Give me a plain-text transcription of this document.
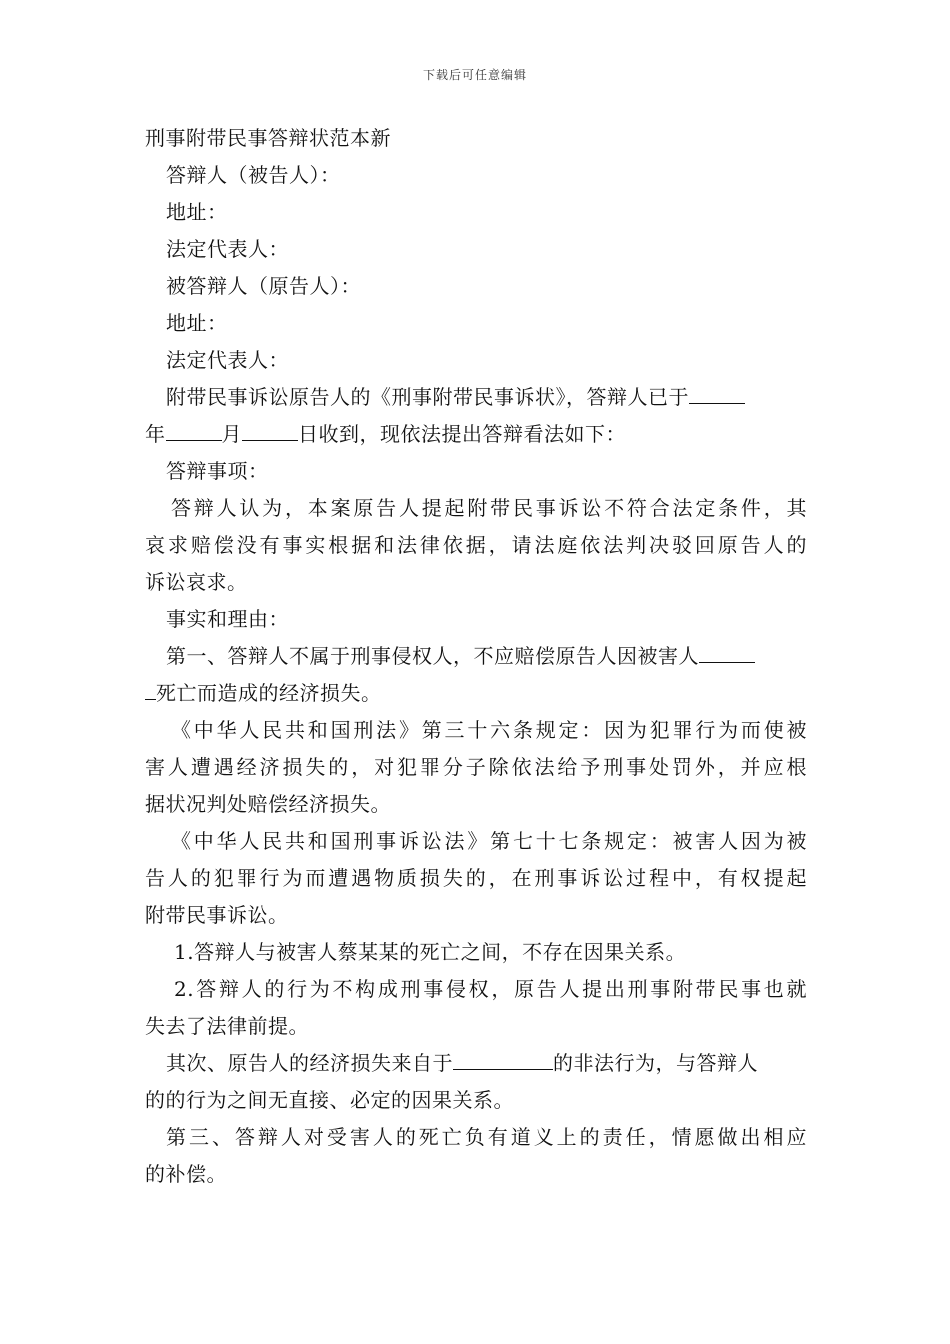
下载后可任意编辑
刑事附带民事答辩状范本新
答辩人（被告人）：
地址：
法定代表人：
被答辩人（原告人）：
地址：
法定代表人：
附带民事诉讼原告人的《刑事附带民事诉状》，答辩人已于
年	月	日收到，现依法提出答辩看法如下：
答辩事项：
答辩人认为，本案原告人提起附带民事诉讼不符合法定条件，其
哀求赔偿没有事实根据和法律依据，请法庭依法判决驳回原告人的
诉讼哀求。
事实和理由：
第一、答辩人不属于刑事侵权人，不应赔偿原告人因被害人
死亡而造成的经济损失。
《中华人民共和国刑法》第三十六条规定：因为犯罪行为而使被
害人遭遇经济损失的，对犯罪分子除依法给予刑事处罚外，并应根
据状况判处赔偿经济损失。
《中华人民共和国刑事诉讼法》第七十七条规定：被害人因为被
告人的犯罪行为而遭遇物质损失的，在刑事诉讼过程中，有权提起
附带民事诉讼。
1.答辩人与被害人蔡某某的死亡之间，不存在因果关系。
2.答辩人的行为不构成刑事侵权，原告人提出刑事附带民事也就
失去了法律前提。
其次、原告人的经济损失来自于	的非法行为，与答辩人
的的行为之间无直接、必定的因果关系。
第三、答辩人对受害人的死亡负有道义上的责任，情愿做出相应
的补偿。
